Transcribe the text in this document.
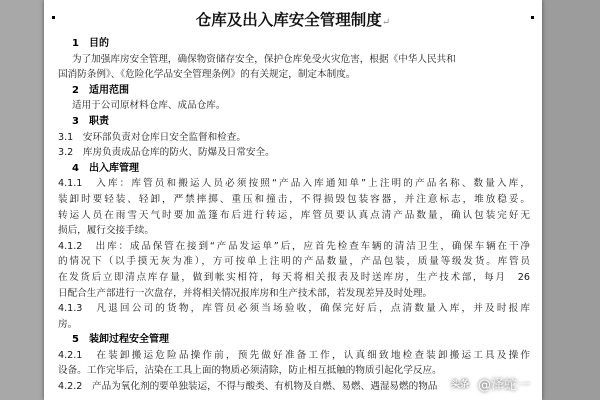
仓库及出入库安全管理制度↵
1　目的
为了加强库房安全管理，确保物资储存安全，保护仓库免受火灾危害，根据《中华人民共和
国消防条例》、《危险化学品安全管理条例》的有关规定，制定本制度。
2　适用范围
适用于公司原材料仓库、成品仓库。
3　职责
3.1　安环部负责对仓库日安全监督和检查。
3.2　库房负责成品仓库的防火、防爆及日常安全。
4　出入库管理
4.1.1　入库：库管员和搬运人员必须按照“产品入库通知单”上注明的产品名称、数量入库，
装卸时要轻装、轻卸，严禁摔掷、重压和撞击，不得损毁包装容器，并注意标志，堆放稳妥。
转运人员在雨雪天气时要加盖篷布后进行转运，库管员要认真点清产品数量，确认包装完好无
损后，履行交接手续。
4.1.2　出库：成品保管在接到“产品发运单”后，应首先检查车辆的清洁卫生，确保车辆在干净
的情况下（以手摸无灰为准），方可按单上注明的产品数量，产品包装，质量等级发货。库管员
在发货后立即清点库存量，做到帐实相符，每天将相关报表及时送库房，生产技术部，每月　26
日配合生产部进行一次盘存，并将相关情况报库房和生产技术部，若发现差异及时处理。
4.1.3　凡退回公司的货物，库管员必须当场验收，确保完好后，点清数量入库，并及时报库
房。
5　装卸过程安全管理
4.2.1　在装卸搬运危险品操作前，预先做好准备工作，认真细致地检查装卸搬运工具及操作
设备。工作完毕后，沾染在工具上面的物质必须清除，防止相互抵触的物质引起化学反应。
4.2.2　产品为氧化剂的要单独装运，不得与酸类、有机物及自燃、易燃、遇湿易燃的物品	头条 @泽蛇一
